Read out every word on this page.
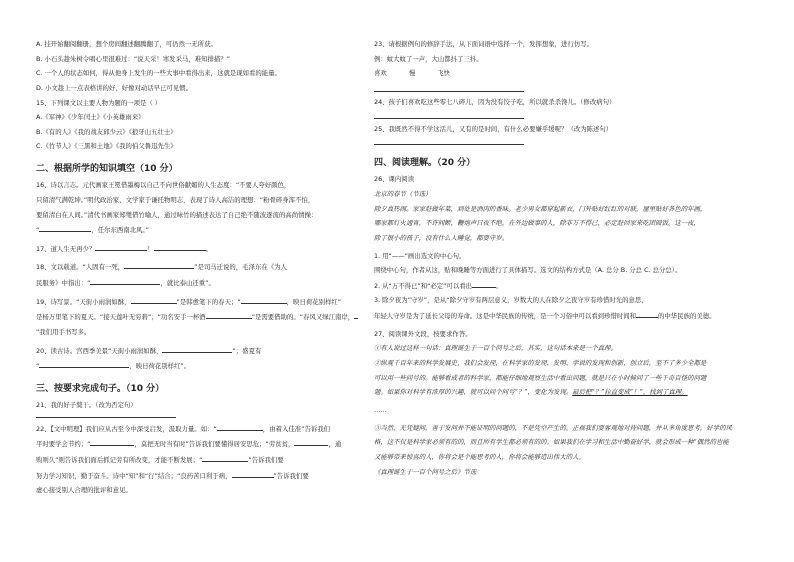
A. 挂开始翻阅翻册，想个房间翻述翻腾翻了，可仍然一无所获。
B. 小石头趁朱树令唱心里很难过：“说天采！寒发采马，难知排描？”
C. 一个人的状态如何，得从他身上发生的一些大事中看得出来，这就是现如看的能量。
D. 小文趁上一点表格讲的好，好像对动话早已可见惯。
15、下列课文以主要人物为题的一项是（ ）
A.《军神》《少年闰土》《小英雄雨来》
B.《有的人》《我的战友邱少云》《狼牙山五壮士》
C.《竹节人》《三黑和土地》《我的伯父鲁迅先生》
二、根据所学的知识填空（10 分）
16、诗以言志。元代画家王冕借墨梅以自己不向世俗献媚的人生态度：“不要人夸好颜色，
只留清气满乾坤。”明代政治家、文学家于谦托物明志，表现了诗人高洁的理想：“粉骨碎身浑不怕，
要留清白在人间。”清代书画家郑燮借竹喻人，通过咏竹的描述表达了自己绝不随波逐流的高尚情操：
“	，任尔东西南北风。”
17、道人生无再少？	！	。
18、文以载道。“人固有一死，	”是司马迁说的，毛泽东在《为人
民服务》中指出：“	，就比泰山还重”。
19、诗写景。“天街小雨润如酥，	”是韩愈笔下的春天；“	，映日荷花别样红”
是杨万里笔下的夏天。“接天莲叶无穷碧”；“功名安手一杯酒	”是需要借助的。“春风又绿江南岸，
”我们用手书写多。
20、读古诗。宫西季美景“天街小雨润如酥，	”；盛夏有
“	，映日荷花别样红”。
三、按要求完成句子。（10 分）
21、我的好子獒干。（改为否定句）
22、【文中明理】我们应从古至今中深受启发，汲取力量。如：“	，由着入佳准”告诉我们
平时要学会节约；“	，莫把无时当有时”告诉我们要懂得居安思危；“劳贫贫，	，通
购则久”则告诉我们面后抓记劳有所改变，才能不断发展；“	”告诉我们要
努力学习知识，勤于奋斗。诗中“知”和“行”结合；“良药苦口利于病，	”告诉我们要
虚心接受别人合理的批评和意见。
23、请根据例句的修辞手法，从下面词语中选择一个，发挥想象，进行仿写。
例：蚊大蚊了一声，大山都抖了三抖。
喜欢	慢	飞快
24、孩子们喜欢吃这些零七八碎儿，因为没有饺子吃，所以就杀杀馋儿。（修改病句）
25、我既然不得不学这活儿，又有的是时间，有什么必要嫌乎缓呢？（改为陈述句）
四、阅读理解。（20 分）
26、课内阅读
北京的春节（节选）
除夕真热闹。家家赶做年菜，到处是酒肉的香味。老少男女都穿起新衣，门外贴好红红的对联，屋里贴好各色的年画，
哪家都灯火通宵，不许间断，鞭炮声日夜不绝。在外边做事的人，除非万不得已，必定赶回家来吃团圆饭。这一夜，
除了很小的孩子，没有什么人睡觉，都要守岁。
1. 用“——”画出选文的中心句。
围绕中心句，作者从这，贴和晚睡等方面进行了具体描写。选文的结构方式是（A. 总分 B. 分总 C. 总分总）。
2. 从“万不得已”和“必定”可以看出	。
3. 除夕夜为“守岁”，是从“除夕守岁有两层意义，岁数大的人在除夕之夜守岁有珍惜时光的意思，
年轻人守岁是为了延长父母的寿命。这是中华民族的传统，是一个习俗中可以看到珍惜时间和	的中华民族的美德。
27、阅读课外文段，按要求作答。
①有人说过这样一句话：真理诞生于一百个问号之后，其实，这句话本来是一个真理。
②纵观千百年来的科学发展史，我们会发现，在科学家的发现、发明、学说的发现和创新，创立后，至不了多少全都是
可以用一些问号的。能够看成者的科学家，都能仔细地观察生活中看出问题，就是只在小时候问了一些千奇百怪的问题
题。如果你对科学有浓厚的兴趣，就可以问个问号“？”，变化为发现。最后把“？”拉直变成“！”，找到了真理。
……
③当然，光凭疑问，善于发问并不能证明的问题的，不是凭空产生的。正视我们要客观地对待问题，并从多角度思考，好学的风
格，这不仅是科学家必须有的的，而且所有学生都必须有的的。如果我们在学习和生活中勤奋好学，就会形成一种“偶然的也能
又能够带来惊喜的人，你将会是个能思考的人，你将会能够造出伟大的人。
《真理诞生于一百个问号之后》节选
